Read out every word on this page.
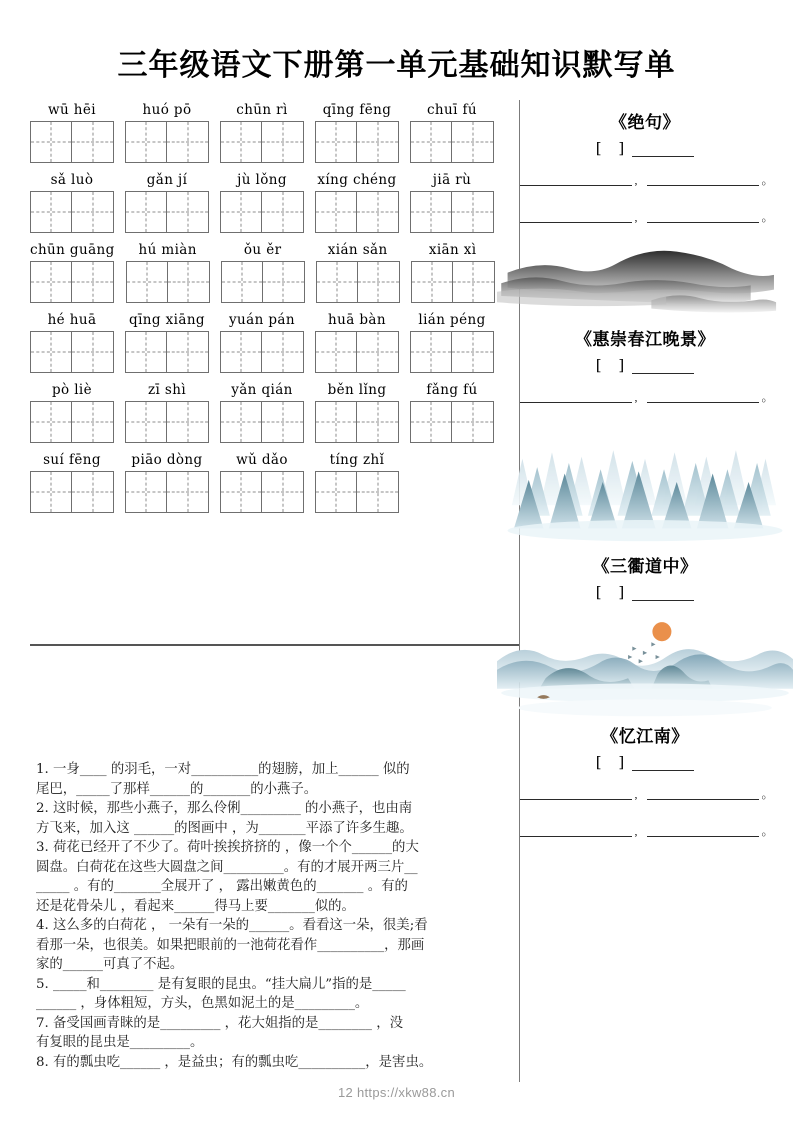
三年级语文下册第一单元基础知识默写单
wū hēi	huó pō	chūn rì	qīng fēng	chuī fú
sǎ luò	gǎn jí	jù lǒng	xíng chéng	jiā rù
chūn guāng	hú miàn	ǒu ěr	xián sǎn	xiān xì
hé huā	qīng xiāng	yuán pán	huā bàn	lián péng
pò liè	zī shì	yǎn qián	běn lǐng	fǎng fú
suí fēng	piāo dòng	wǔ dǎo	tíng zhǐ

1. 一身____ 的羽毛，一对__________的翅膀，加上______ 似的

尾巴，_____了那样______的_______的小燕子。

2. 这时候，那些小燕子，那么伶俐_________ 的小燕子，也由南

方飞来，加入这 ______的图画中 ，为_______平添了许多生趣。

3. 荷花已经开了不少了。荷叶挨挨挤挤的 ，像一个个______的大

圆盘。白荷花在这些大圆盘之间_________。有的才展开两三片__

_____ 。有的_______全展开了 ， 露出嫩黄色的_______ 。有的

还是花骨朵儿 ，看起来______得马上要_______似的。

4. 这么多的白荷花 ， 一朵有一朵的______。看看这一朵，很美;看

看那一朵，也很美。如果把眼前的一池荷花看作__________，那画

家的______可真了不起。

5. _____和________ 是有复眼的昆虫。“挂大扁儿”指的是_____

______ ，身体粗短，方头，色黑如泥土的是_________。

7. 备受国画青睐的是_________ ，花大姐指的是________ ，没

有复眼的昆虫是_________。

8. 有的瓢虫吃______ ，是益虫；有的瓢虫吃__________，是害虫。

《绝句》
[ ]
,	。
,	。
《惠崇春江晚景》
[ ]
,	。
《三衢道中》
[ ]
《忆江南》
[ ]
,	。
,	。
12 https://xkw88.cn
